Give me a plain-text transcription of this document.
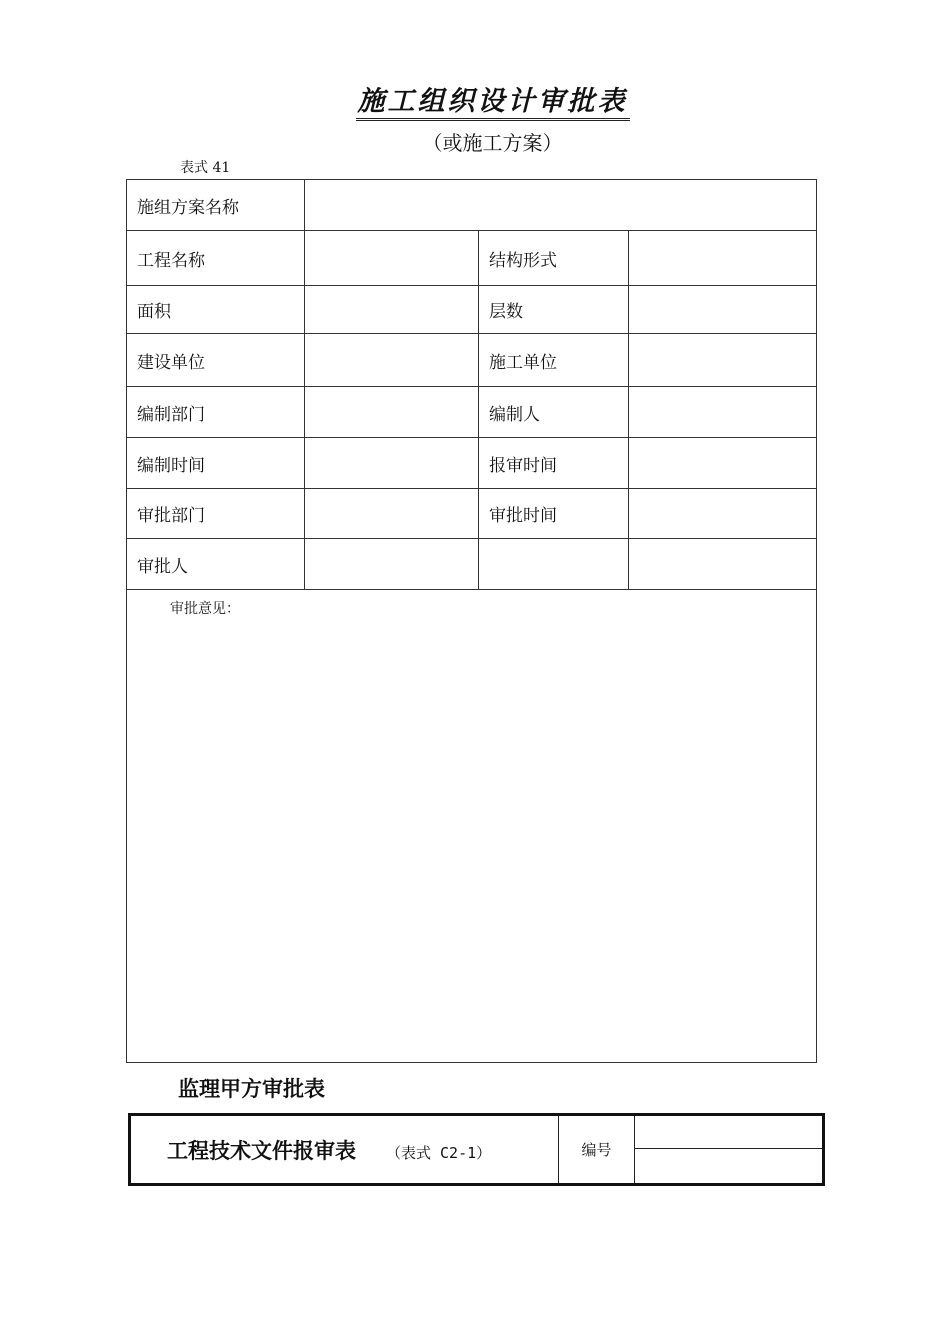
施工组织设计审批表
（或施工方案）
表式 41
施组方案名称			
工程名称		结构形式	
面积		层数	
建设单位		施工单位	
编制部门		编制人	
编制时间		报审时间	
审批部门		审批时间	
审批人			
审批意见：			
监理甲方审批表
工程技术文件报审表 （表式 C2-1）	编号	
